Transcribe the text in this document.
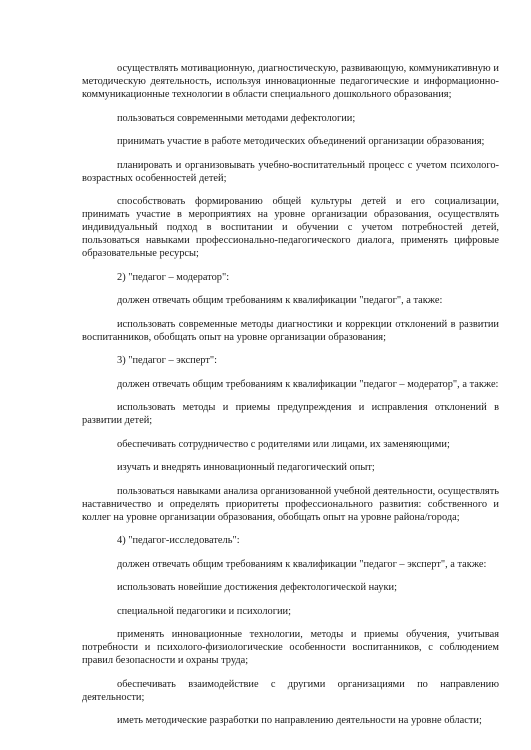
осуществлять мотивационную, диагностическую, развивающую, коммуникативную и методическую деятельность, используя инновационные педагогические и информационно-коммуникационные технологии в области специального дошкольного образования;

пользоваться современными методами дефектологии;

принимать участие в работе методических объединений организации образования;

планировать и организовывать учебно-воспитательный процесс с учетом психолого-возрастных особенностей детей;

способствовать формированию общей культуры детей и его социализации, принимать участие в мероприятиях на уровне организации образования, осуществлять индивидуальный подход в воспитании и обучении с учетом потребностей детей, пользоваться навыками профессионально-педагогического диалога, применять цифровые образовательные ресурсы;

2) "педагог – модератор":

должен отвечать общим требованиям к квалификации "педагог", а также:

использовать современные методы диагностики и коррекции отклонений в развитии воспитанников, обобщать опыт на уровне организации образования;

3) "педагог – эксперт":

должен отвечать общим требованиям к квалификации "педагог – модератор", а также:

использовать методы и приемы предупреждения и исправления отклонений в развитии детей;

обеспечивать сотрудничество с родителями или лицами, их заменяющими;

изучать и внедрять инновационный педагогический опыт;

пользоваться навыками анализа организованной учебной деятельности, осуществлять наставничество и определять приоритеты профессионального развития: собственного и коллег на уровне организации образования, обобщать опыт на уровне района/города;

4) "педагог-исследователь":

должен отвечать общим требованиям к квалификации "педагог – эксперт", а также:

использовать новейшие достижения дефектологической науки;

специальной педагогики и психологии;

применять инновационные технологии, методы и приемы обучения, учитывая потребности и психолого-физиологические особенности воспитанников, с соблюдением правил безопасности и охраны труда;

обеспечивать взаимодействие с другими организациями по направлению деятельности;

иметь методические разработки по направлению деятельности на уровне области;
